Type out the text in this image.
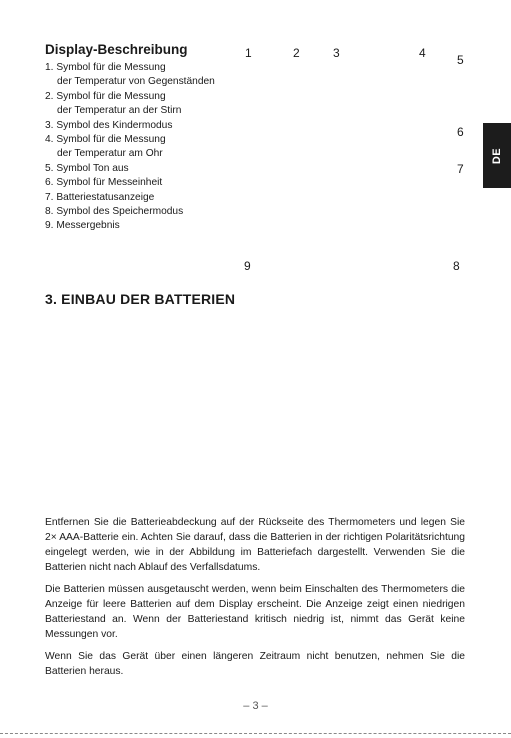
Display-Beschreibung
1. Symbol für die Messung
der Temperatur von Gegenständen
2. Symbol für die Messung
der Temperatur an der Stirn
3. Symbol des Kindermodus
4. Symbol für die Messung
der Temperatur am Ohr
5. Symbol Ton aus
6. Symbol für Messeinheit
7. Batteriestatusanzeige
8. Symbol des Speichermodus
9. Messergebnis
1	2	3	4	5
6
7
8
9
DE
3. EINBAU DER BATTERIEN

Entfernen Sie die Batterieabdeckung auf der Rückseite des Thermometers und legen Sie 2× AAA-Batterie ein. Achten Sie darauf, dass die Batterien in der richtigen Polaritätsrichtung eingelegt werden, wie in der Abbildung im Batteriefach dargestellt. Verwenden Sie die Batterien nicht nach Ablauf des Verfallsdatums.

Die Batterien müssen ausgetauscht werden, wenn beim Einschalten des Thermometers die Anzeige für leere Batterien auf dem Display erscheint. Die Anzeige zeigt einen niedrigen Batteriestand an. Wenn der Batteriestand kritisch niedrig ist, nimmt das Gerät keine Messungen vor.

Wenn Sie das Gerät über einen längeren Zeitraum nicht benutzen, nehmen Sie die Batterien heraus.

– 3 –
